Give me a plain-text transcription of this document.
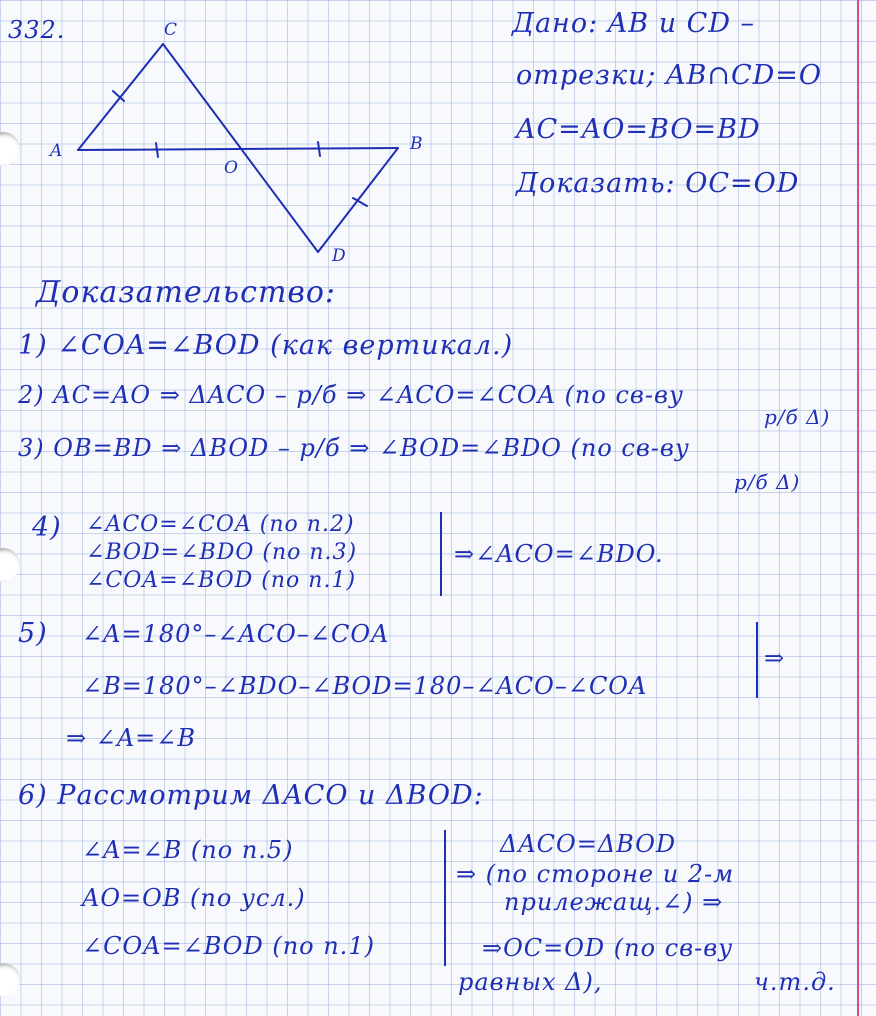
332.	C
A
O
B
D
Дано: AB и CD –
отрезки; AB∩CD=O
AC=AO=BO=BD
Доказать: OC=OD
Доказательство:
1) ∠COA=∠BOD (как вертикал.)
2) AC=AO ⇒ ΔACO – р/б ⇒ ∠ACO=∠COA (по св-ву
р/б Δ)
3) OB=BD ⇒ ΔBOD – р/б ⇒ ∠BOD=∠BDO (по св-ву
р/б Δ)
4) ∠ACO=∠COA (по п.2)
∠BOD=∠BDO (по п.3)
∠COA=∠BOD (по п.1)
⇒∠ACO=∠BDO.
5) ∠A=180°–∠ACO–∠COA
∠B=180°–∠BDO–∠BOD=180–∠ACO–∠COA
⇒
⇒ ∠A=∠B
6) Рассмотрим ΔACO и ΔBOD:
∠A=∠B (по п.5)
AO=OB (по усл.)
∠COA=∠BOD (по п.1)
ΔACO=ΔBOD
⇒ (по стороне и 2-м
прилежащ.∠) ⇒
⇒OC=OD (по св-ву
равных Δ),	ч.т.д.
